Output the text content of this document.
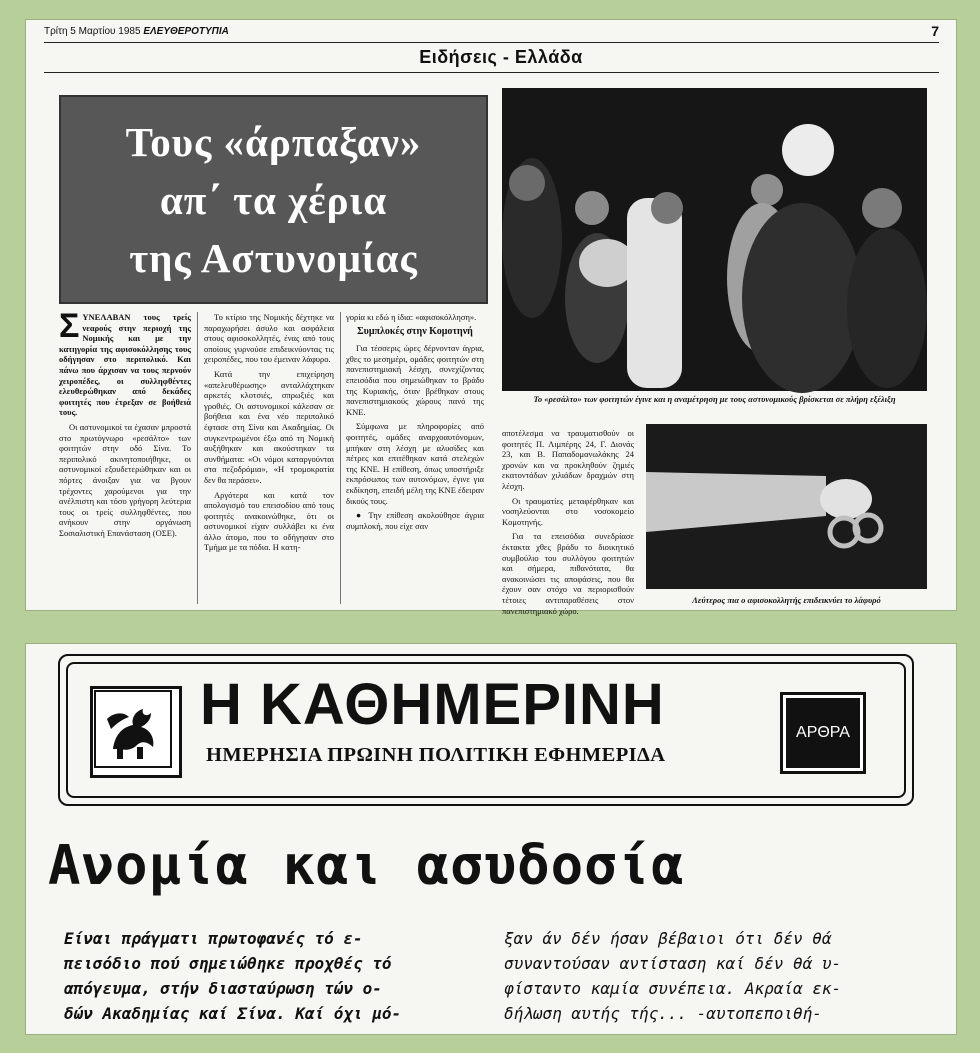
Τρίτη 5 Μαρτίου 1985 ΕΛΕΥΘΕΡΟΤΥΠΙΑ	7
Ειδήσεις - Ελλάδα
Τους «άρπαξαν»
απ΄ τα χέρια
της Αστυνομίας

ΣΥΝΕΛΑΒΑΝ τους τρείς νεαρούς στην περιοχή της Νομικής και με την κατηγορία της αφισοκόλλησης τους οδήγησαν στο περιπολικό. Και πάνω που άρχισαν να τους περνούν χειροπέδες, οι συλληφθέντες ελευθερώθηκαν από δεκάδες φοιτητές που έτρεξαν σε βοήθειά τους.

Οι αστυνομικοί τα έχασαν μπροστά στο πρωτόγνωρο «ρεσάλτο» των φοιτητών στην οδό Σίνα. Το περιπολικό ακινητοποιήθηκε, οι αστυνομικοί εξουδετερώθηκαν και οι πόρτες άνοιξαν για να βγουν τρέχοντες χαρούμενοι για την ανέλπιστη και τόσο γρήγορη λεύτερια τους οι τρείς συλληφθέντες, που ανήκουν στην οργάνωση Σοσιαλιστική Επανάσταση (ΟΣΕ).

Το κτίριο της Νομικής δέχτηκε να παραχωρήσει άσυλο και ασφάλεια στους αφισοκολλητές, ένας από τους οποίους γυρνούσε επιδεικνύοντας τις χειροπέδες, που του έμειναν λάφυρο.

Κατά την επιχείρηση «απελευθέρωσης» ανταλλάχτηκαν αρκετές κλοτσιές, σπρωξιές και γροθιές. Οι αστυνομικοί κάλεσαν σε βοήθεια και ένα νέο περιπολικό έφτασε στη Σίνα και Ακαδημίας. Οι συγκεντρωμένοι έξω από τη Νομική αυξήθηκαν και ακούστηκαν τα συνθήματα: «Οι νόμοι καταργούνται στα πεζοδρόμια», «Η τρομοκρατία δεν θα περάσει».

Αργότερα και κατά τον απολογισμό του επεισοδίου από τους φοιτητές ανακοινώθηκε, ότι οι αστυνομικοί είχαν συλλάβει κι ένα άλλο άτομο, που το οδήγησαν στο Τμήμα με τα πόδια. Η κατη-

γορία κι εδώ η ίδια: «αφισοκόλληση».

Συμπλοκές στην Κομοτηνή

Για τέσσερις ώρες δέρνονταν άγρια, χθες το μεσημέρι, ομάδες φοιτητών στη πανεπιστημιακή λέσχη, συνεχίζοντας επεισόδια που σημειώθηκαν το βράδυ της Κυριακής, όταν βρέθηκαν στους πανεπιστημιακούς χώρους πανό της ΚΝΕ.

Σύμφωνα με πληροφορίες από φοιτητές, ομάδες αναρχοαυτόνομων, μπήκαν στη λέσχη με αλυσίδες και πέτρες και επιτέθηκαν κατά στελεχών της ΚΝΕ. Η επίθεση, όπως υποστήριξε εκπρόσωπος των αυτονόμων, έγινε για εκδίκηση, επειδή μέλη της ΚΝΕ έδειραν δικούς τους.

● Την επίθεση ακολούθησε άγρια συμπλοκή, που είχε σαν

Το «ρεσάλτο» των φοιτητών έγινε και η αναμέτρηση με τους αστυνομικούς βρίσκεται σε πλήρη εξέλιξη

αποτέλεσμα να τραυματισθούν οι φοιτητές Π. Λιμπέρης 24, Γ. Διονάς 23, και Β. Παπαδομανωλάκης 24 χρονών και να προκληθούν ζημιές εκατοντάδων χιλιάδων δραχμών στη λέσχη.

Οι τραυματίες μεταφέρθηκαν και νοσηλεύονται στο νοσοκομείο Κομοτηνής.

Για τα επεισόδια συνεδρίασε έκτακτα χθες βράδυ το διοικητικό συμβούλιο του συλλόγου φοιτητών και σήμερα, πιθανότατα, θα ανακοινώσει τις αποφάσεις, που θα έχουν σαν στόχο να περιορισθούν τέτοιες αντιπαραθέσεις στον πανεπιστημιακό χώρο.

Λεύτερος πια ο αφισοκολλητής επιδεικνύει το λάφυρό
Η ΚΑΘΗΜΕΡΙΝΗ
ΗΜΕΡΗΣΙΑ ΠΡΩΙΝΗ ΠΟΛΙΤΙΚΗ ΕΦΗΜΕΡΙΔΑ
ΑΡΘΡΑ
Ανομία και ασυδοσία
Είναι πράγματι πρωτοφανές τό ε-
πεισόδιο πού σημειώθηκε προχθές τό
απόγευμα, στήν διασταύρωση τών ο-
δών Ακαδημίας καί Σίνα. Καί όχι μό-
ξαν άν δέν ήσαν βέβαιοι ότι δέν θά
συναντούσαν αντίσταση καί δέν θά υ-
φίσταντο καμία συνέπεια. Ακραία εκ-
δήλωση αυτής τής... -αυτοπεποιθή-
